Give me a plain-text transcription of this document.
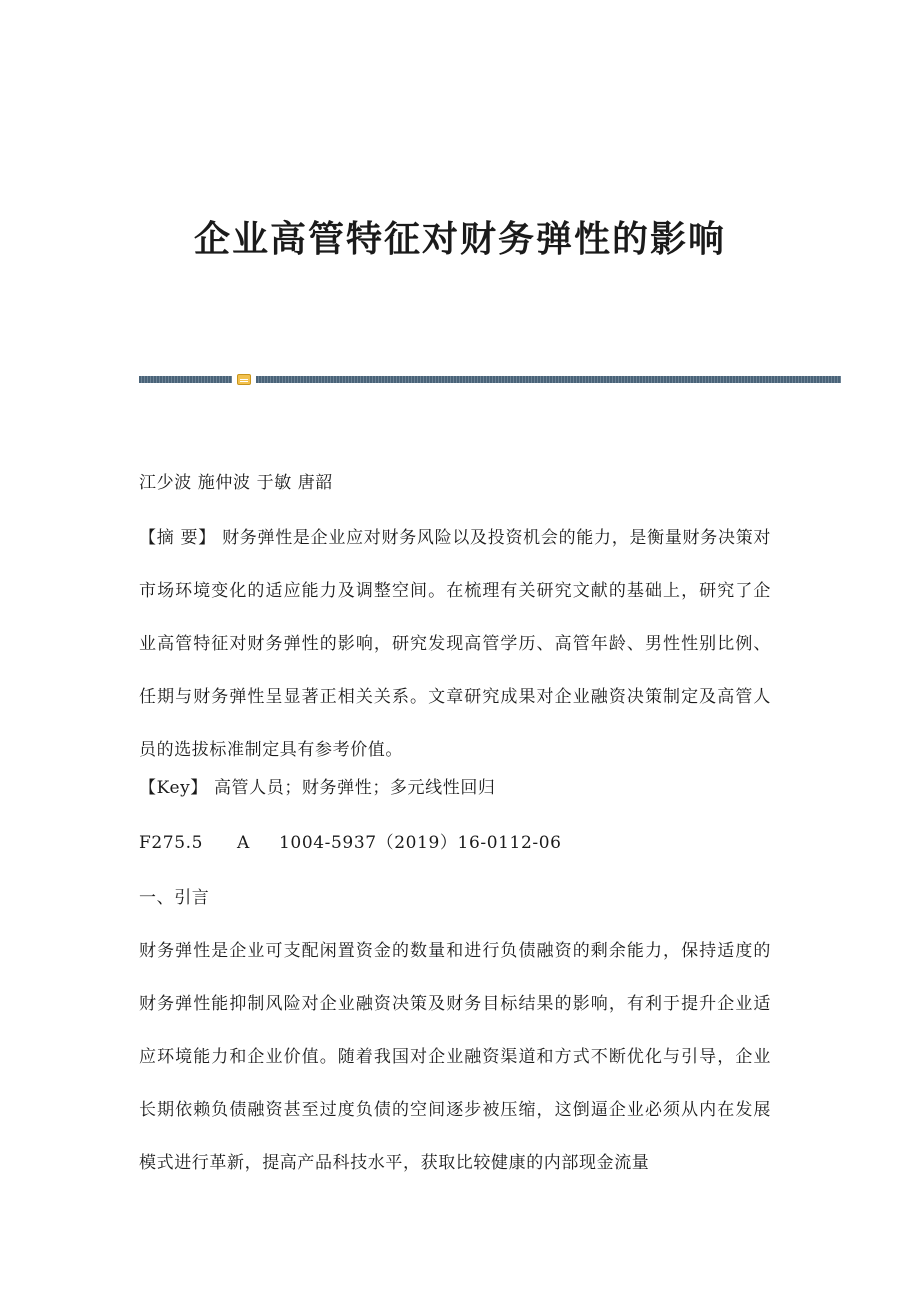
企业高管特征对财务弹性的影响
江少波 施仲波 于敏 唐韶
【摘 要】 财务弹性是企业应对财务风险以及投资机会的能力，是衡量财务决策对市场环境变化的适应能力及调整空间。在梳理有关研究文献的基础上，研究了企业高管特征对财务弹性的影响，研究发现高管学历、高管年龄、男性性别比例、任期与财务弹性呈显著正相关关系。文章研究成果对企业融资决策制定及高管人员的选拔标准制定具有参考价值。
【Key】 高管人员；财务弹性；多元线性回归
F275.5 A 1004-5937（2019）16-0112-06
一、引言
财务弹性是企业可支配闲置资金的数量和进行负债融资的剩余能力，保持适度的财务弹性能抑制风险对企业融资决策及财务目标结果的影响，有利于提升企业适应环境能力和企业价值。随着我国对企业融资渠道和方式不断优化与引导，企业长期依赖负债融资甚至过度负债的空间逐步被压缩，这倒逼企业必须从内在发展模式进行革新，提高产品科技水平，获取比较健康的内部现金流量
